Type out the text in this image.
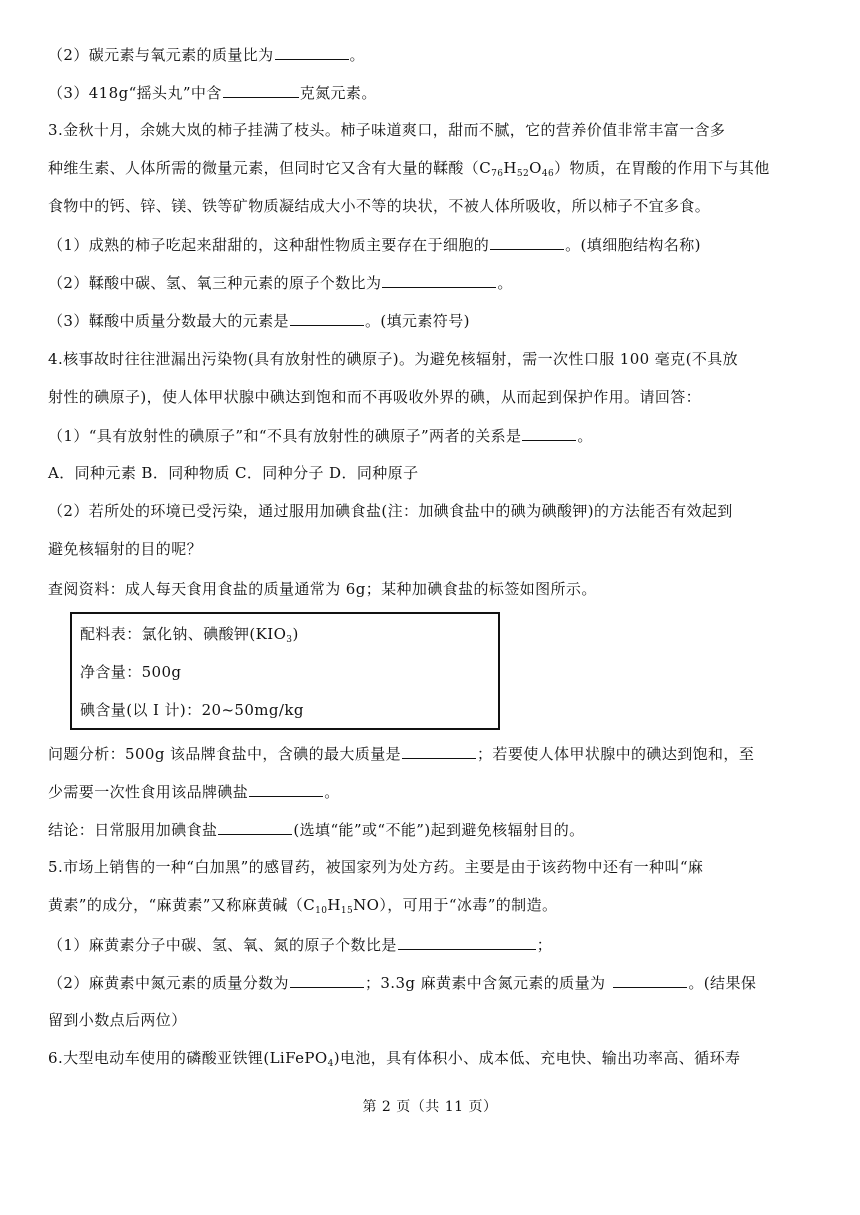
（2）碳元素与氧元素的质量比为	。
（3）418g“摇头丸”中含	克氮元素。
3.金秋十月，余姚大岚的柿子挂满了枝头。柿子味道爽口，甜而不腻，它的营养价值非常丰富一含多
种维生素、人体所需的微量元素，但同时它又含有大量的鞣酸$(C_{76}H_{52}O_{46})$物质，在胃酸的作用下与其他
食物中的钙、锌、镁、铁等矿物质凝结成大小不等的块状，不被人体所吸收，所以柿子不宜多食。
（1）成熟的柿子吃起来甜甜的，这种甜性物质主要存在于细胞的	。(填细胞结构名称)
（2）鞣酸中碳、氢、氧三种元素的原子个数比为	。
（3）鞣酸中质量分数最大的元素是	。(填元素符号)
4.核事故时往往泄漏出污染物(具有放射性的碘原子)。为避免核辐射，需一次性口服 100 毫克(不具放
射性的碘原子)，使人体甲状腺中碘达到饱和而不再吸收外界的碘，从而起到保护作用。请回答：
（1）“具有放射性的碘原子”和“不具有放射性的碘原子”两者的关系是	。
A．同种元素 B．同种物质 C．同种分子 D．同种原子
（2）若所处的环境已受污染，通过服用加碘食盐(注：加碘食盐中的碘为碘酸钾)的方法能否有效起到
避免核辐射的目的呢？
查阅资料：成人每天食用食盐的质量通常为 6g；某种加碘食盐的标签如图所示。
配料表：氯化钠、碘酸钾$(KIO_3)$
净含量：500g
碘含量(以 I 计)：20~50mg/kg
问题分析：500g 该品牌食盐中，含碘的最大质量是	；若要使人体甲状腺中的碘达到饱和，至
少需要一次性食用该品牌碘盐	。
结论：日常服用加碘食盐	(选填“能”或“不能”)起到避免核辐射目的。
5.市场上销售的一种“白加黑”的感冒药，被国家列为处方药。主要是由于该药物中还有一种叫“麻
黄素”的成分，“麻黄素”又称麻黄碱$(C_{10}H_{15}NO)$，可用于“冰毒”的制造。
（1）麻黄素分子中碳、氢、氧、氮的原子个数比是	；
（2）麻黄素中氮元素的质量分数为	；3.3g 麻黄素中含氮元素的质量为	。(结果保
留到小数点后两位）
6.大型电动车使用的磷酸亚铁锂(LiFePO$_4$)电池，具有体积小、成本低、充电快、输出功率高、循环寿
第 2 页（共 11 页）
